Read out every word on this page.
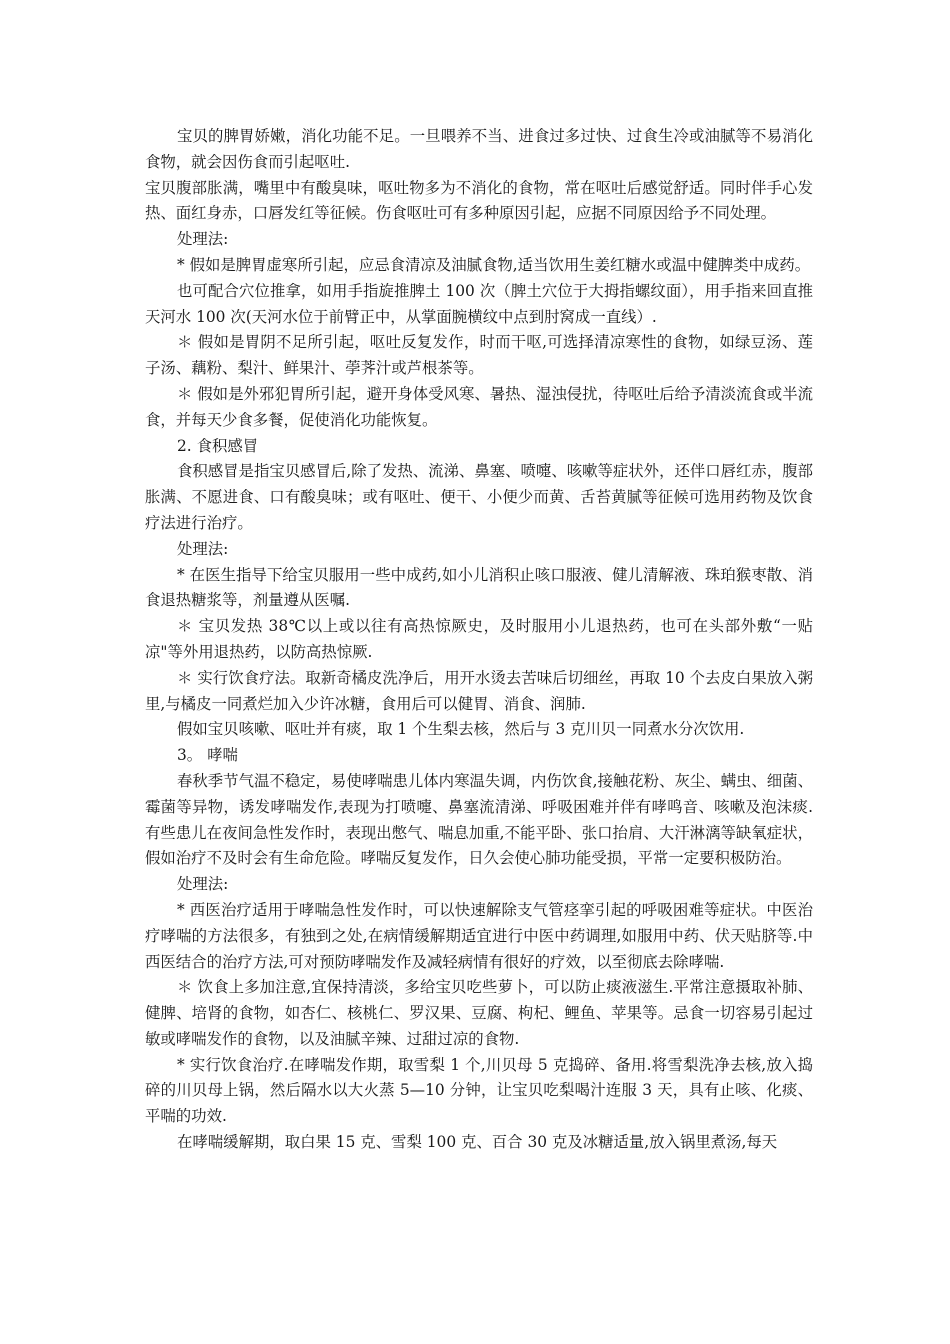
宝贝的脾胃娇嫩，消化功能不足。一旦喂养不当、进食过多过快、过食生冷或油腻等不易消化食物，就会因伤食而引起呕吐.

宝贝腹部胀满，嘴里中有酸臭味，呕吐物多为不消化的食物，常在呕吐后感觉舒适。同时伴手心发热、面红身赤，口唇发红等征候。伤食呕吐可有多种原因引起，应据不同原因给予不同处理。

处理法:

* 假如是脾胃虚寒所引起，应忌食清凉及油腻食物,适当饮用生姜红糖水或温中健脾类中成药。

也可配合穴位推拿，如用手指旋推脾土 100 次（脾土穴位于大拇指螺纹面），用手指来回直推天河水 100 次(天河水位于前臂正中，从掌面腕横纹中点到肘窝成一直线）.

＊ 假如是胃阴不足所引起，呕吐反复发作，时而干呕,可选择清凉寒性的食物，如绿豆汤、莲子汤、藕粉、梨汁、鲜果汁、荸荠汁或芦根茶等。

＊ 假如是外邪犯胃所引起，避开身体受风寒、暑热、湿浊侵扰，待呕吐后给予清淡流食或半流食，并每天少食多餐，促使消化功能恢复。

2. 食积感冒

食积感冒是指宝贝感冒后,除了发热、流涕、鼻塞、喷嚏、咳嗽等症状外，还伴口唇红赤，腹部胀满、不愿进食、口有酸臭味；或有呕吐、便干、小便少而黄、舌苔黄腻等征候可选用药物及饮食疗法进行治疗。

处理法:

* 在医生指导下给宝贝服用一些中成药,如小儿消积止咳口服液、健儿清解液、珠珀猴枣散、消食退热糖浆等，剂量遵从医嘱.

＊ 宝贝发热 38℃以上或以往有高热惊厥史，及时服用小儿退热药，也可在头部外敷“一贴凉"等外用退热药，以防高热惊厥.

＊ 实行饮食疗法。取新奇橘皮洗净后，用开水烫去苦味后切细丝，再取 10 个去皮白果放入粥里,与橘皮一同煮烂加入少许冰糖，食用后可以健胃、消食、润肺.

假如宝贝咳嗽、呕吐并有痰，取 1 个生梨去核，然后与 3 克川贝一同煮水分次饮用.

3。 哮喘

春秋季节气温不稳定，易使哮喘患儿体内寒温失调，内伤饮食,接触花粉、灰尘、螨虫、细菌、霉菌等异物，诱发哮喘发作,表现为打喷嚏、鼻塞流清涕、呼吸困难并伴有哮鸣音、咳嗽及泡沫痰.有些患儿在夜间急性发作时，表现出憋气、喘息加重,不能平卧、张口抬肩、大汗淋漓等缺氧症状，假如治疗不及时会有生命危险。哮喘反复发作，日久会使心肺功能受损，平常一定要积极防治。

处理法:

* 西医治疗适用于哮喘急性发作时，可以快速解除支气管痉挛引起的呼吸困难等症状。中医治疗哮喘的方法很多，有独到之处,在病情缓解期适宜进行中医中药调理,如服用中药、伏天贴脐等.中西医结合的治疗方法,可对预防哮喘发作及减轻病情有很好的疗效，以至彻底去除哮喘.

＊ 饮食上多加注意,宜保持清淡，多给宝贝吃些萝卜，可以防止痰液滋生.平常注意摄取补肺、健脾、培肾的食物，如杏仁、核桃仁、罗汉果、豆腐、枸杞、鲤鱼、苹果等。忌食一切容易引起过敏或哮喘发作的食物，以及油腻辛辣、过甜过凉的食物.

* 实行饮食治疗.在哮喘发作期，取雪梨 1 个,川贝母 5 克捣碎、备用.将雪梨洗净去核,放入捣碎的川贝母上锅，然后隔水以大火蒸 5—10 分钟，让宝贝吃梨喝汁连服 3 天，具有止咳、化痰、平喘的功效.

在哮喘缓解期，取白果 15 克、雪梨 100 克、百合 30 克及冰糖适量,放入锅里煮汤,每天
